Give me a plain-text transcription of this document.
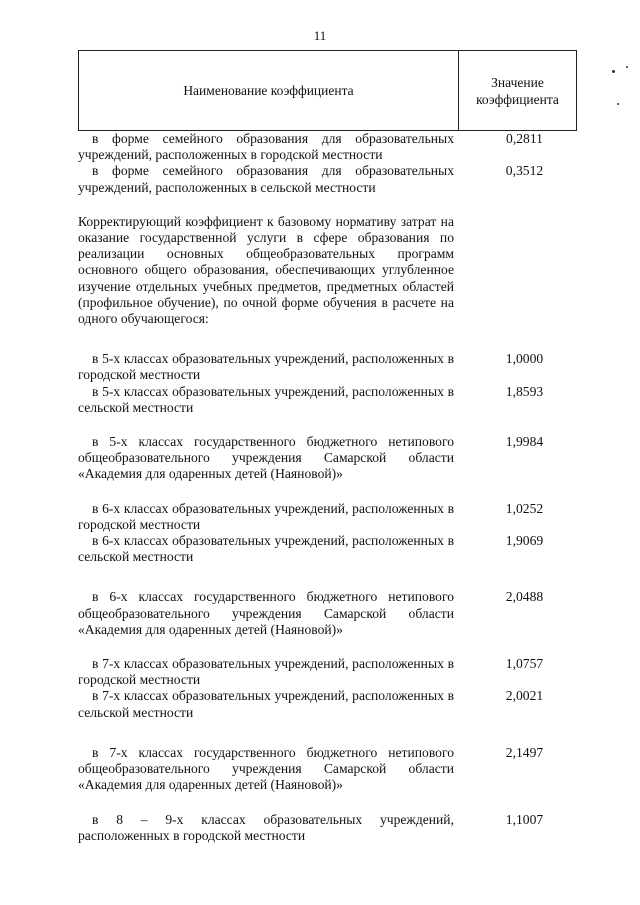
11
Наименование коэффициента
Значение
коэффициента
в форме семейного образования для образовательных учреждений, расположенных в городской местности
0,2811
в форме семейного образования для образовательных учреждений, расположенных в сельской местности
0,3512
Корректирующий коэффициент к базовому нормативу затрат на оказание государственной услуги в сфере образования по реализации основных общеобразовательных программ основного общего образования, обеспечивающих углубленное изучение отдельных учебных предметов, предметных областей (профильное обучение), по очной форме обучения в расчете на одного обучающегося:
в 5-х классах образовательных учреждений, расположенных в городской местности
1,0000
в 5-х классах образовательных учреждений, расположенных в сельской местности
1,8593
в 5-х классах государственного бюджетного нетипового общеобразовательного учреждения Самарской области «Академия для одаренных детей (Наяновой)»
1,9984
в 6-х классах образовательных учреждений, расположенных в городской местности
1,0252
в 6-х классах образовательных учреждений, расположенных в сельской местности
1,9069
в 6-х классах государственного бюджетного нетипового общеобразовательного учреждения Самарской области «Академия для одаренных детей (Наяновой)»
2,0488
в 7-х классах образовательных учреждений, расположенных в городской местности
1,0757
в 7-х классах образовательных учреждений, расположенных в сельской местности
2,0021
в 7-х классах государственного бюджетного нетипового общеобразовательного учреждения Самарской области «Академия для одаренных детей (Наяновой)»
2,1497
в 8 – 9-х классах образовательных учреждений, расположенных в городской местности
1,1007
